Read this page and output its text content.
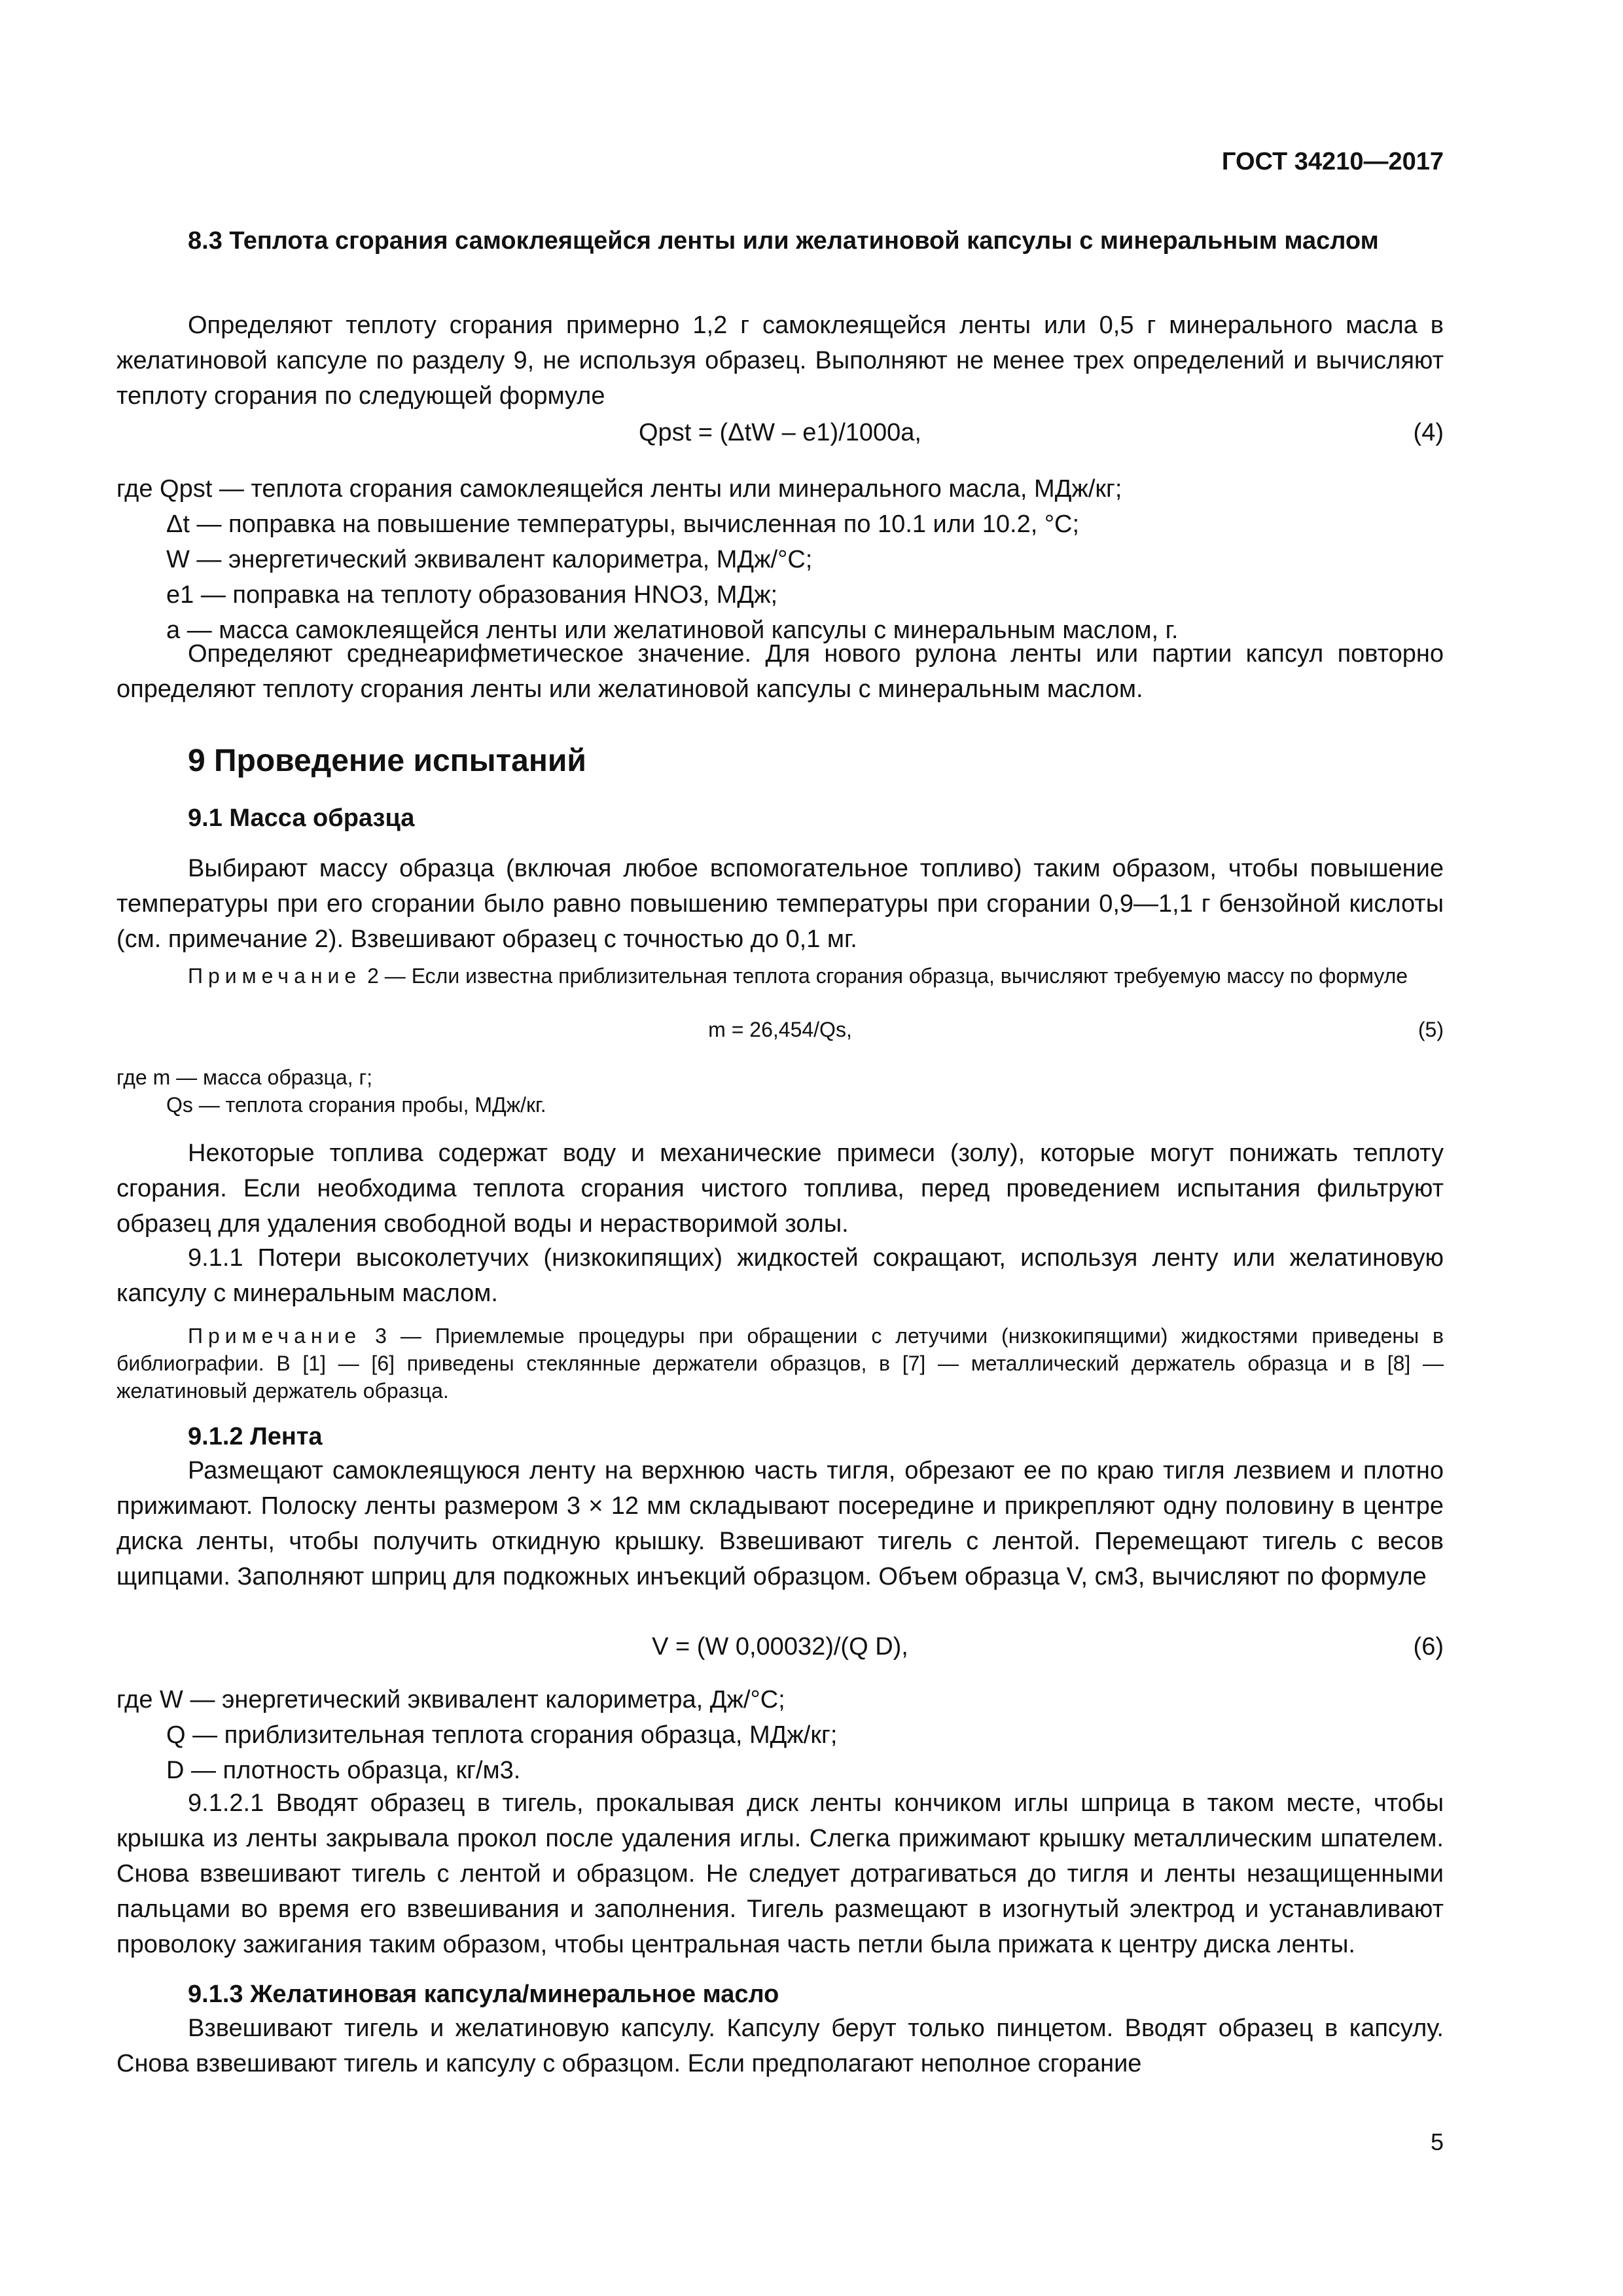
ГОСТ 34210—2017
8.3 Теплота сгорания самоклеящейся ленты или желатиновой капсулы с минеральным маслом
Определяют теплоту сгорания примерно 1,2 г самоклеящейся ленты или 0,5 г минерального масла в желатиновой капсуле по разделу 9, не используя образец. Выполняют не менее трех определений и вычисляют теплоту сгорания по следующей формуле
Qpst = (ΔtW – e1)/1000a,	(4)

где Qpst — теплота сгорания самоклеящейся ленты или минерального масла, МДж/кг;

Δt — поправка на повышение температуры, вычисленная по 10.1 или 10.2, °С;

W — энергетический эквивалент калориметра, МДж/°С;

e1 — поправка на теплоту образования HNO3, МДж;

a — масса самоклеящейся ленты или желатиновой капсулы с минеральным маслом, г.

Определяют среднеарифметическое значение. Для нового рулона ленты или партии капсул повторно определяют теплоту сгорания ленты или желатиновой капсулы с минеральным маслом.
9 Проведение испытаний
9.1 Масса образца
Выбирают массу образца (включая любое вспомогательное топливо) таким образом, чтобы повышение температуры при его сгорании было равно повышению температуры при сгорании 0,9—1,1 г бензойной кислоты (см. примечание 2). Взвешивают образец с точностью до 0,1 мг.
Примечание 2 — Если известна приблизительная теплота сгорания образца, вычисляют требуемую массу по формуле
m = 26,454/Qs,	(5)

где m — масса образца, г;

Qs — теплота сгорания пробы, МДж/кг.

Некоторые топлива содержат воду и механические примеси (золу), которые могут понижать теплоту сгорания. Если необходима теплота сгорания чистого топлива, перед проведением испытания фильтруют образец для удаления свободной воды и нерастворимой золы.
9.1.1 Потери высоколетучих (низкокипящих) жидкостей сокращают, используя ленту или желатиновую капсулу с минеральным маслом.
Примечание 3 — Приемлемые процедуры при обращении с летучими (низкокипящими) жидкостями приведены в библиографии. В [1] — [6] приведены стеклянные держатели образцов, в [7] — металлический держатель образца и в [8] — желатиновый держатель образца.
9.1.2 Лента
Размещают самоклеящуюся ленту на верхнюю часть тигля, обрезают ее по краю тигля лезвием и плотно прижимают. Полоску ленты размером 3 × 12 мм складывают посередине и прикрепляют одну половину в центре диска ленты, чтобы получить откидную крышку. Взвешивают тигель с лентой. Перемещают тигель с весов щипцами. Заполняют шприц для подкожных инъекций образцом. Объем образца V, см3, вычисляют по формуле
V = (W 0,00032)/(Q D),	(6)

где W — энергетический эквивалент калориметра, Дж/°С;

Q — приблизительная теплота сгорания образца, МДж/кг;

D — плотность образца, кг/м3.

9.1.2.1 Вводят образец в тигель, прокалывая диск ленты кончиком иглы шприца в таком месте, чтобы крышка из ленты закрывала прокол после удаления иглы. Слегка прижимают крышку металлическим шпателем. Снова взвешивают тигель с лентой и образцом. Не следует дотрагиваться до тигля и ленты незащищенными пальцами во время его взвешивания и заполнения. Тигель размещают в изогнутый электрод и устанавливают проволоку зажигания таким образом, чтобы центральная часть петли была прижата к центру диска ленты.
9.1.3 Желатиновая капсула/минеральное масло
Взвешивают тигель и желатиновую капсулу. Капсулу берут только пинцетом. Вводят образец в капсулу. Снова взвешивают тигель и капсулу с образцом. Если предполагают неполное сгорание
5
